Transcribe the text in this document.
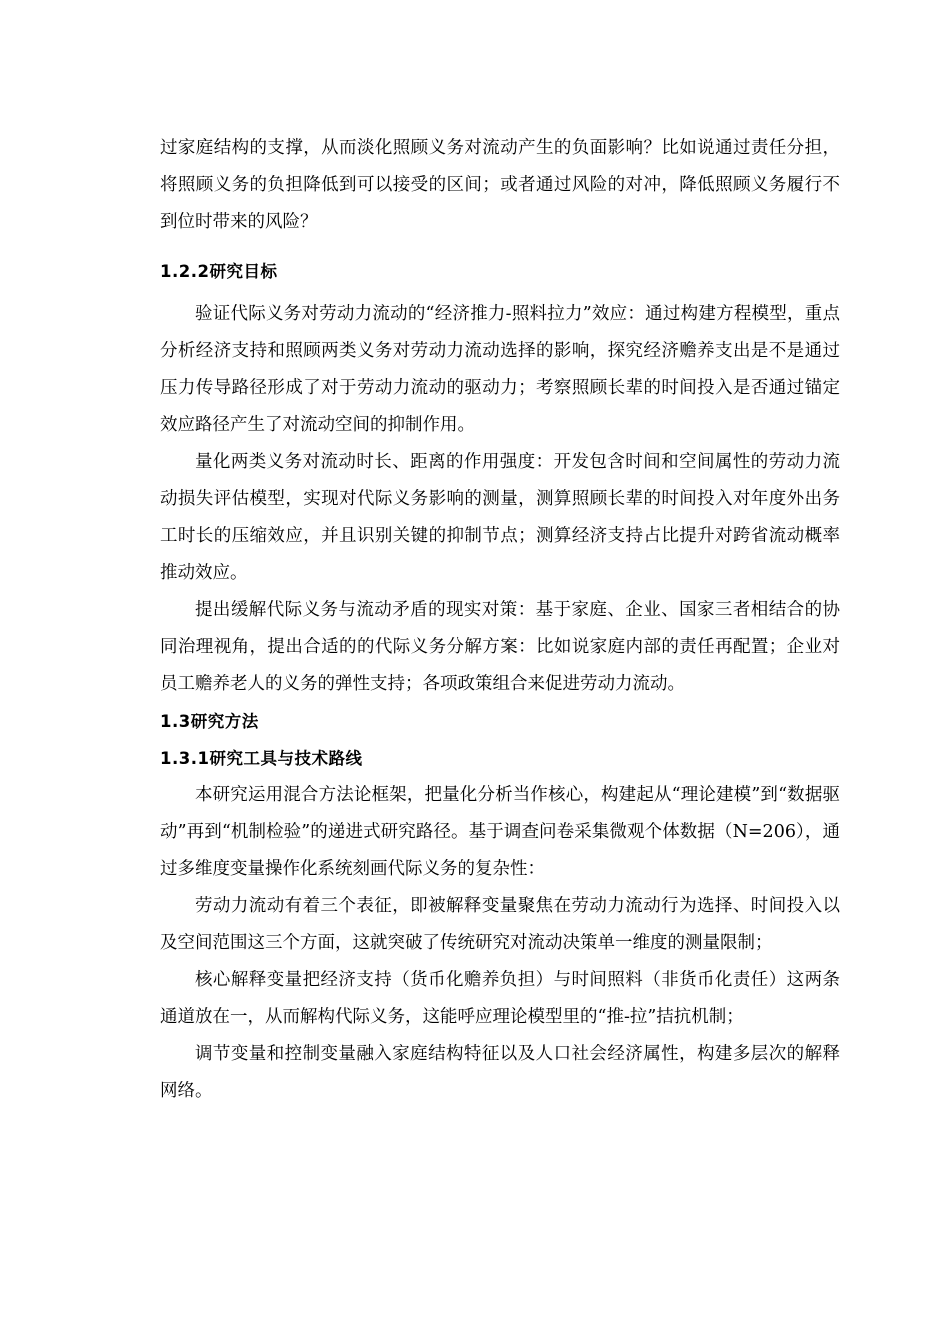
过家庭结构的支撑，从而淡化照顾义务对流动产生的负面影响？比如说通过责任分担，将照顾义务的负担降低到可以接受的区间；或者通过风险的对冲，降低照顾义务履行不到位时带来的风险？

1.2.2研究目标

验证代际义务对劳动力流动的“经济推力-照料拉力”效应：通过构建方程模型，重点分析经济支持和照顾两类义务对劳动力流动选择的影响，探究经济赡养支出是不是通过压力传导路径形成了对于劳动力流动的驱动力；考察照顾长辈的时间投入是否通过锚定效应路径产生了对流动空间的抑制作用。

量化两类义务对流动时长、距离的作用强度：开发包含时间和空间属性的劳动力流动损失评估模型，实现对代际义务影响的测量，测算照顾长辈的时间投入对年度外出务工时长的压缩效应，并且识别关键的抑制节点；测算经济支持占比提升对跨省流动概率推动效应。

提出缓解代际义务与流动矛盾的现实对策：基于家庭、企业、国家三者相结合的协同治理视角，提出合适的的代际义务分解方案：比如说家庭内部的责任再配置；企业对员工赡养老人的义务的弹性支持；各项政策组合来促进劳动力流动。

1.3研究方法
1.3.1研究工具与技术路线

本研究运用混合方法论框架，把量化分析当作核心，构建起从“理论建模”到“数据驱动”再到“机制检验”的递进式研究路径。基于调查问卷采集微观个体数据（N=206），通过多维度变量操作化系统刻画代际义务的复杂性：

劳动力流动有着三个表征，即被解释变量聚焦在劳动力流动行为选择、时间投入以及空间范围这三个方面，这就突破了传统研究对流动决策单一维度的测量限制；

核心解释变量把经济支持（货币化赡养负担）与时间照料（非货币化责任）这两条通道放在一，从而解构代际义务，这能呼应理论模型里的“推-拉”拮抗机制；

调节变量和控制变量融入家庭结构特征以及人口社会经济属性，构建多层次的解释网络。
